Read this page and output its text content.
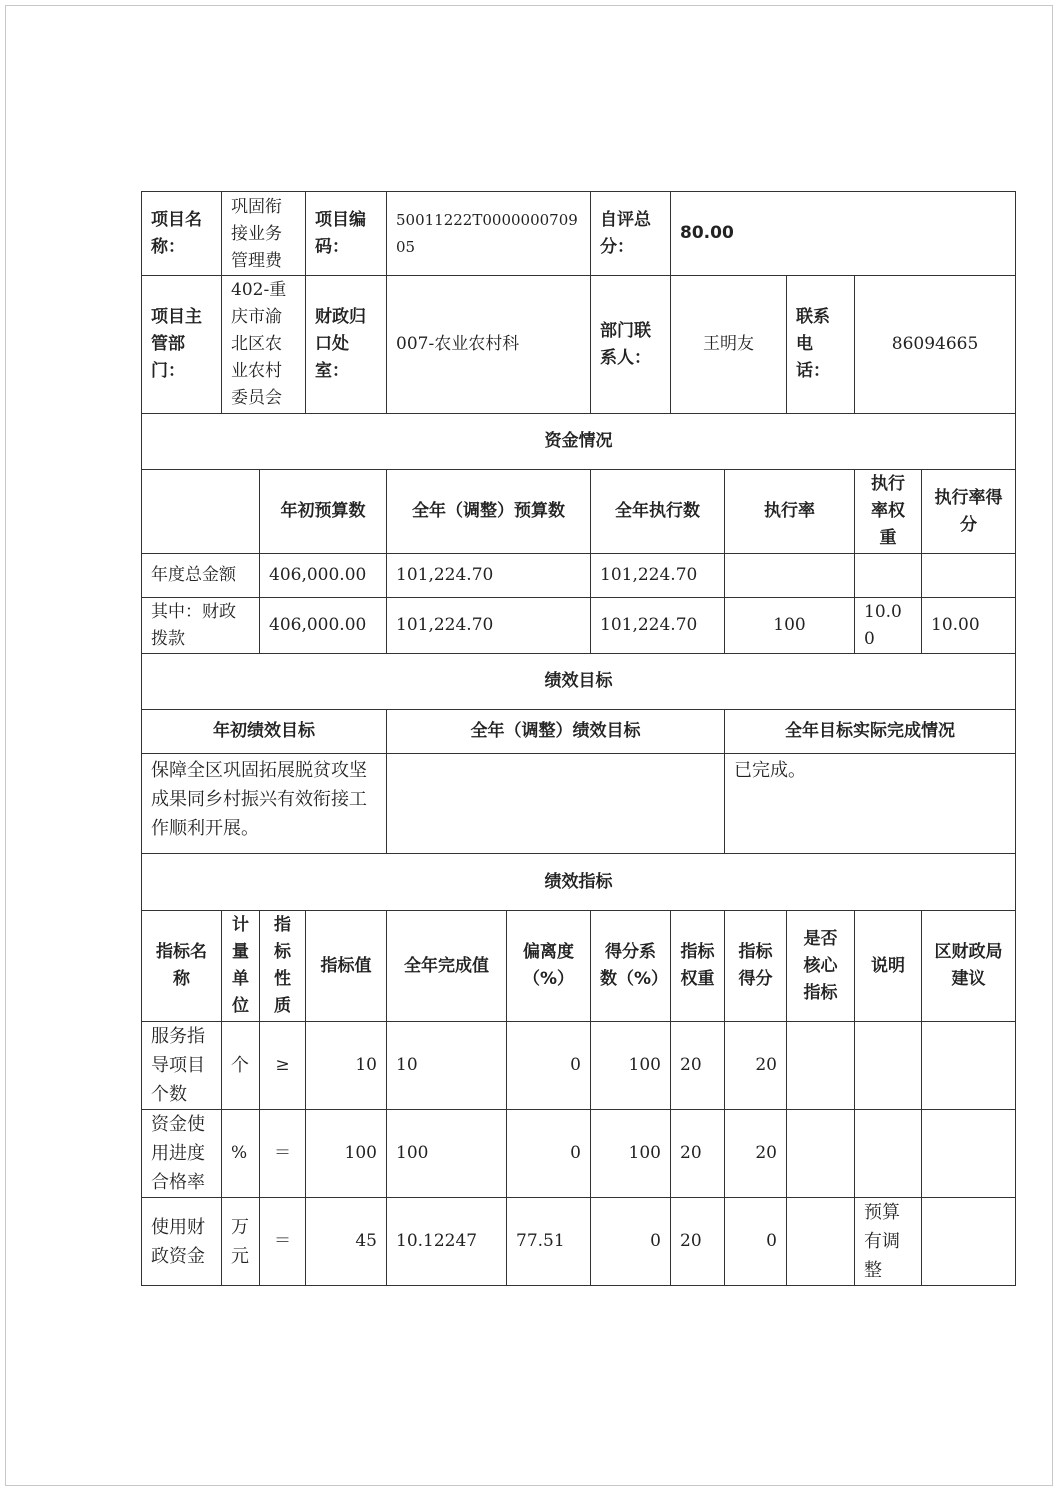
项目名称：	巩固衔接业务管理费		项目编码：	50011222T000000070905		自评总分：	80.00				
项目主管部门：	402-重庆市渝北区农业农村委员会		财政归口处室：	007-农业农村科		部门联系人：	王明友		联系电话：	86094665	
资金情况											
		年初预算数		全年（调整）预算数		全年执行数		执行率		执行率权重	执行率得分
年度总金额		406,000.00		101,224.70		101,224.70					
其中：财政拨款		406,000.00		101,224.70		101,224.70		100		10.00	10.00
绩效目标											
年初绩效目标				全年（调整）绩效目标				全年目标实际完成情况			
保障全区巩固拓展脱贫攻坚成果同乡村振兴有效衔接工作顺利开展。								已完成。			
绩效指标											
指标名称	计量单位	指标性质	指标值	全年完成值	偏离度（%）	得分系数（%）	指标权重	指标得分	是否核心指标	说明	区财政局建议
服务指导项目个数	个	≥	10	10	0	100	20	20			
资金使用进度合格率	%	＝	100	100	0	100	20	20			
使用财政资金	万元	＝	45	10.12247	77.51	0	20	0		预算有调整	
